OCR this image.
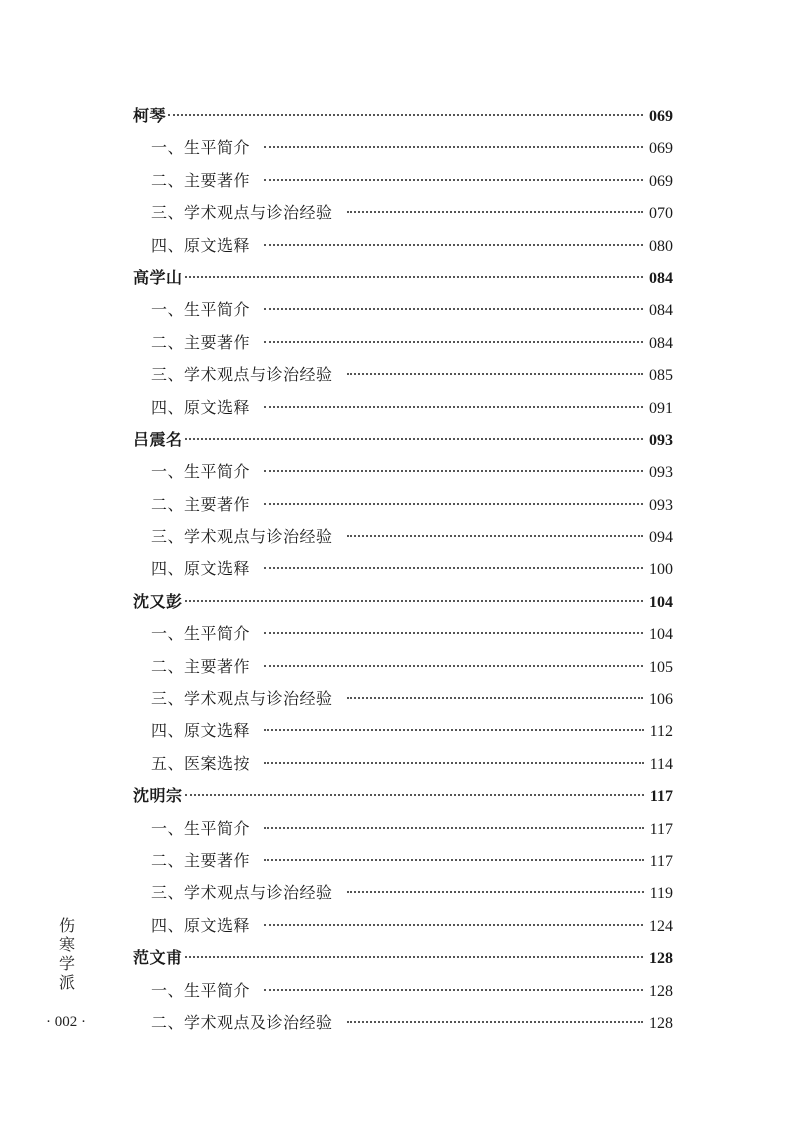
柯琴	069
一、生平简介	069
二、主要著作	069
三、学术观点与诊治经验	070
四、原文选释	080
高学山	084
一、生平简介	084
二、主要著作	084
三、学术观点与诊治经验	085
四、原文选释	091
吕震名	093
一、生平简介	093
二、主要著作	093
三、学术观点与诊治经验	094
四、原文选释	100
沈又彭	104
一、生平简介	104
二、主要著作	105
三、学术观点与诊治经验	106
四、原文选释	112
五、医案选按	114
沈明宗	117
一、生平简介	117
二、主要著作	117
三、学术观点与诊治经验	119
四、原文选释	124
范文甫	128
一、生平简介	128
二、学术观点及诊治经验	128
伤
寒
学
派
· 002 ·
